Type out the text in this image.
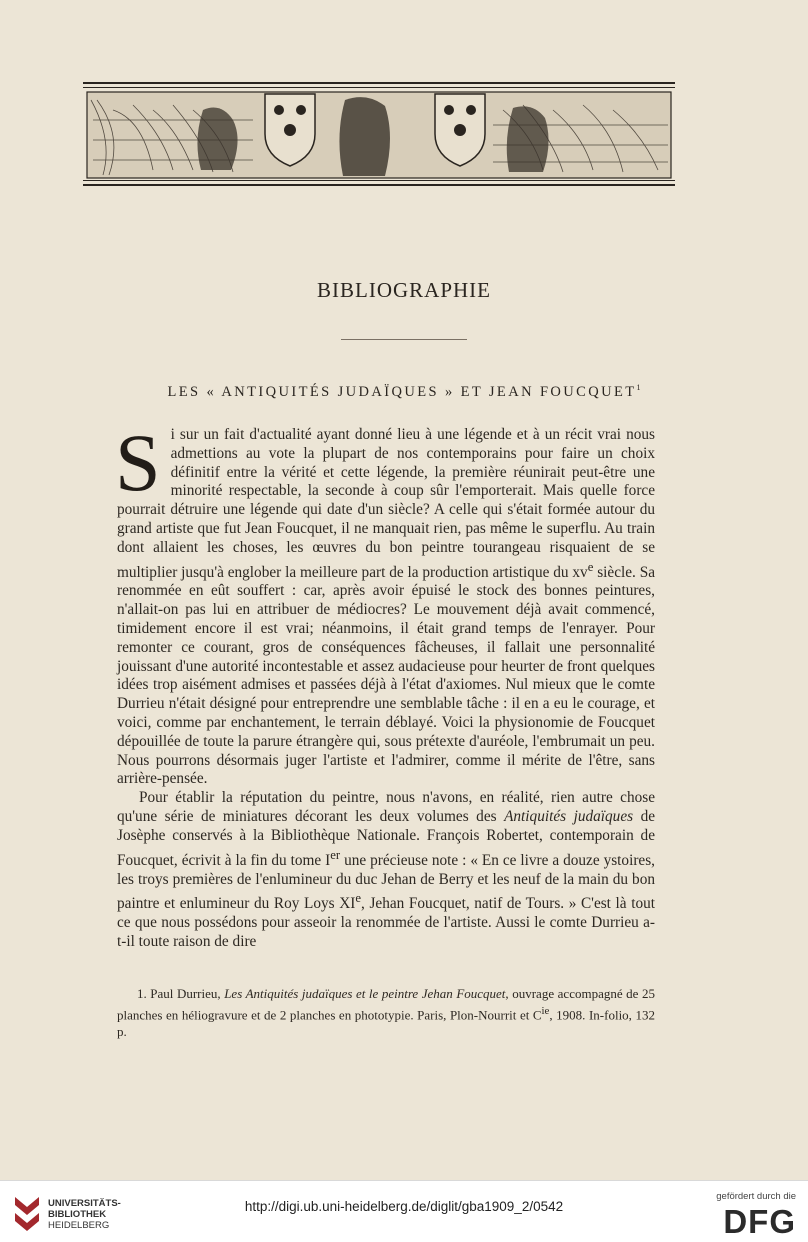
BIBLIOGRAPHIE
LES « ANTIQUITÉS JUDAÏQUES » ET JEAN FOUCQUET$^1$

Si sur un fait d'actualité ayant donné lieu à une légende et à un récit vrai nous admettions au vote la plupart de nos contemporains pour faire un choix définitif entre la vérité et cette légende, la première réunirait peut-être une minorité respectable, la seconde à coup sûr l'emporterait. Mais quelle force pourrait détruire une légende qui date d'un siècle? A celle qui s'était formée autour du grand artiste que fut Jean Foucquet, il ne manquait rien, pas même le superflu. Au train dont allaient les choses, les œuvres du bon peintre tourangeau risquaient de se multiplier jusqu'à englober la meilleure part de la production artistique du $xv^e$ siècle. Sa renommée en eût souffert : car, après avoir épuisé le stock des bonnes peintures, n'allait-on pas lui en attribuer de médiocres? Le mouvement déjà avait commencé, timidement encore il est vrai; néanmoins, il était grand temps de l'enrayer. Pour remonter ce courant, gros de conséquences fâcheuses, il fallait une personnalité jouissant d'une autorité incontestable et assez audacieuse pour heurter de front quelques idées trop aisément admises et passées déjà à l'état d'axiomes. Nul mieux que le comte Durrieu n'était désigné pour entreprendre une semblable tâche : il en a eu le courage, et voici, comme par enchantement, le terrain déblayé. Voici la physionomie de Foucquet dépouillée de toute la parure étrangère qui, sous prétexte d'auréole, l'embrumait un peu. Nous pourrons désormais juger l'artiste et l'admirer, comme il mérite de l'être, sans arrière-pensée.

Pour établir la réputation du peintre, nous n'avons, en réalité, rien autre chose qu'une série de miniatures décorant les deux volumes des Antiquités judaïques de Josèphe conservés à la Bibliothèque Nationale. François Robertet, contemporain de Foucquet, écrivit à la fin du tome Ier une précieuse note : « En ce livre a douze ystoires, les troys premières de l'enlumineur du duc Jehan de Berry et les neuf de la main du bon paintre et enlumineur du Roy Loys XIe, Jehan Foucquet, natif de Tours. » C'est là tout ce que nous possédons pour asseoir la renommée de l'artiste. Aussi le comte Durrieu a-t-il toute raison de dire

1. Paul Durrieu, Les Antiquités judaïques et le peintre Jehan Foucquet, ouvrage accompagné de 25 planches en héliogravure et de 2 planches en phototypie. Paris, Plon-Nourrit et $C^{ie}$, 1908. In-folio, 132 p.
UNIVERSITÄTS-
BIBLIOTHEK
HEIDELBERG
http://digi.ub.uni-heidelberg.de/diglit/gba1909_2/0542
gefördert durch die
DFG
